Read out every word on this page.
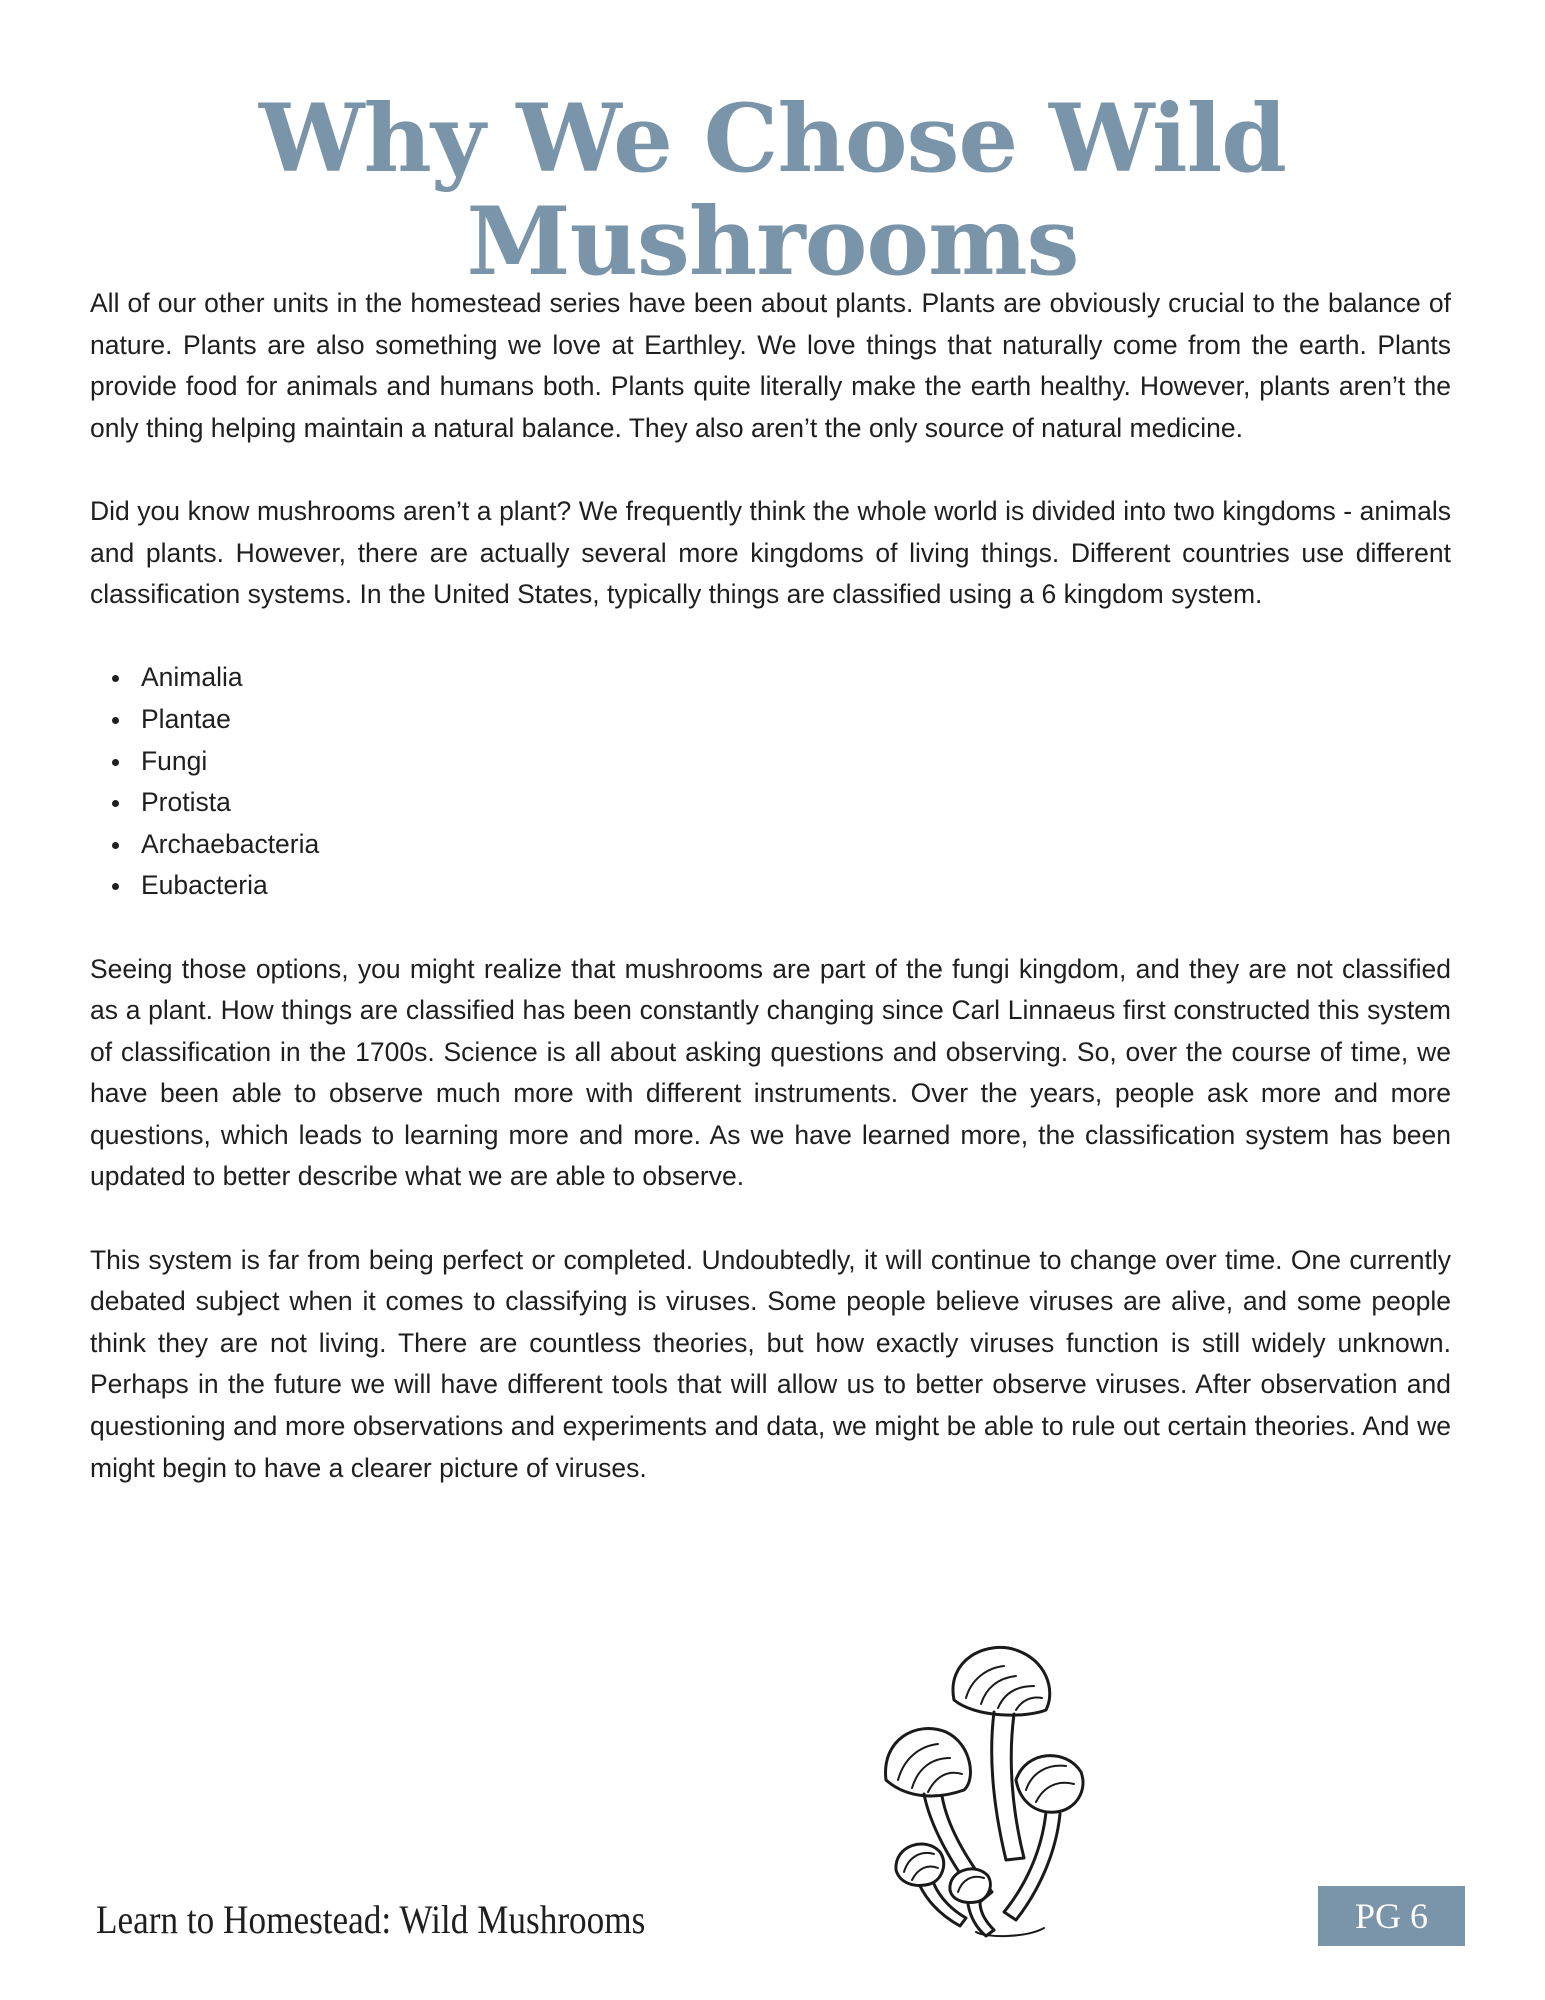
Why We Chose Wild Mushrooms

All of our other units in the homestead series have been about plants. Plants are obviously crucial to the balance of nature. Plants are also something we love at Earthley. We love things that naturally come from the earth. Plants provide food for animals and humans both. Plants quite literally make the earth healthy. However, plants aren’t the only thing helping maintain a natural balance. They also aren’t the only source of natural medicine.

Did you know mushrooms aren’t a plant? We frequently think the whole world is divided into two kingdoms - animals and plants. However, there are actually several more kingdoms of living things. Different countries use different classification systems. In the United States, typically things are classified using a 6 kingdom system.

Animalia
Plantae
Fungi
Protista
Archaebacteria
Eubacteria

Seeing those options, you might realize that mushrooms are part of the fungi kingdom, and they are not classified as a plant. How things are classified has been constantly changing since Carl Linnaeus first constructed this system of classification in the 1700s. Science is all about asking questions and observing. So, over the course of time, we have been able to observe much more with different instruments. Over the years, people ask more and more questions, which leads to learning more and more. As we have learned more, the classification system has been updated to better describe what we are able to observe.

This system is far from being perfect or completed. Undoubtedly, it will continue to change over time. One currently debated subject when it comes to classifying is viruses. Some people believe viruses are alive, and some people think they are not living. There are countless theories, but how exactly viruses function is still widely unknown. Perhaps in the future we will have different tools that will allow us to better observe viruses. After observation and questioning and more observations and experiments and data, we might be able to rule out certain theories. And we might begin to have a clearer picture of viruses.

Learn to Homestead: Wild Mushrooms	PG 6
